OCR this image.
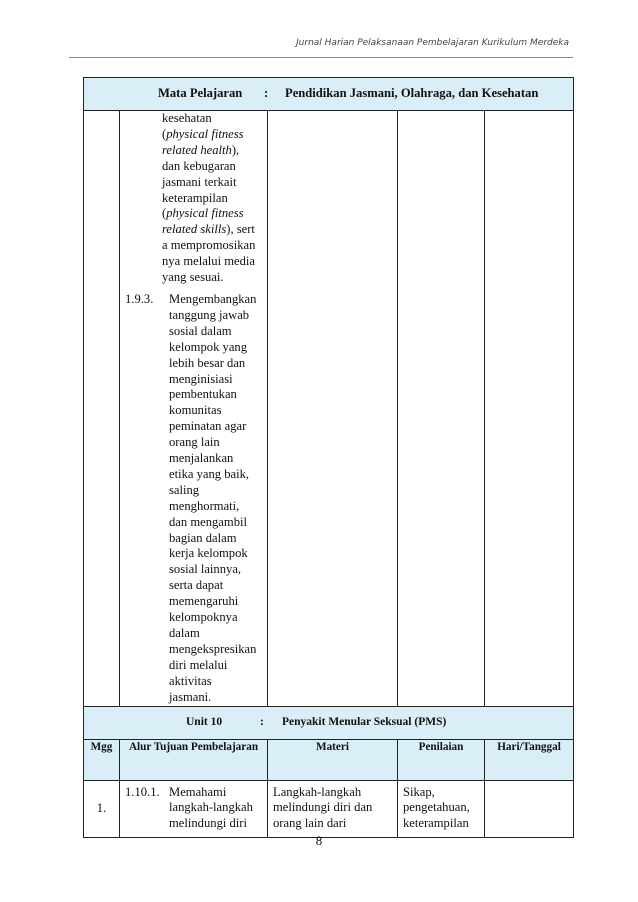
Jurnal Harian Pelaksanaan Pembelajaran Kurikulum Merdeka
Mata Pelajaran : Pendidikan Jasmani, Olahraga, dan Kesehatan				

	kesehatan
(physical fitness related health), dan kebugaran jasmani terkait keterampilan (physical fitness related skills), serta mempromosikannya melalui media yang sesuai.
1.9.3. Mengembangkan tanggung jawab sosial dalam kelompok yang lebih besar dan menginisiasi pembentukan komunitas peminatan agar orang lain menjalankan etika yang baik, saling menghormati, dan mengambil bagian dalam kerja kelompok sosial lainnya, serta dapat memengaruhi kelompoknya dalam mengekspresikan diri melalui aktivitas jasmani.			

Unit 10 : Penyakit Menular Seksual (PMS)				

Mgg	Alur Tujuan Pembelajaran	Materi	Penilaian	Hari/Tanggal
1.	1.10.1. Memahami langkah-langkah melindungi diri	Langkah-langkah melindungi diri dan orang lain dari	Sikap, pengetahuan, keterampilan	
8
